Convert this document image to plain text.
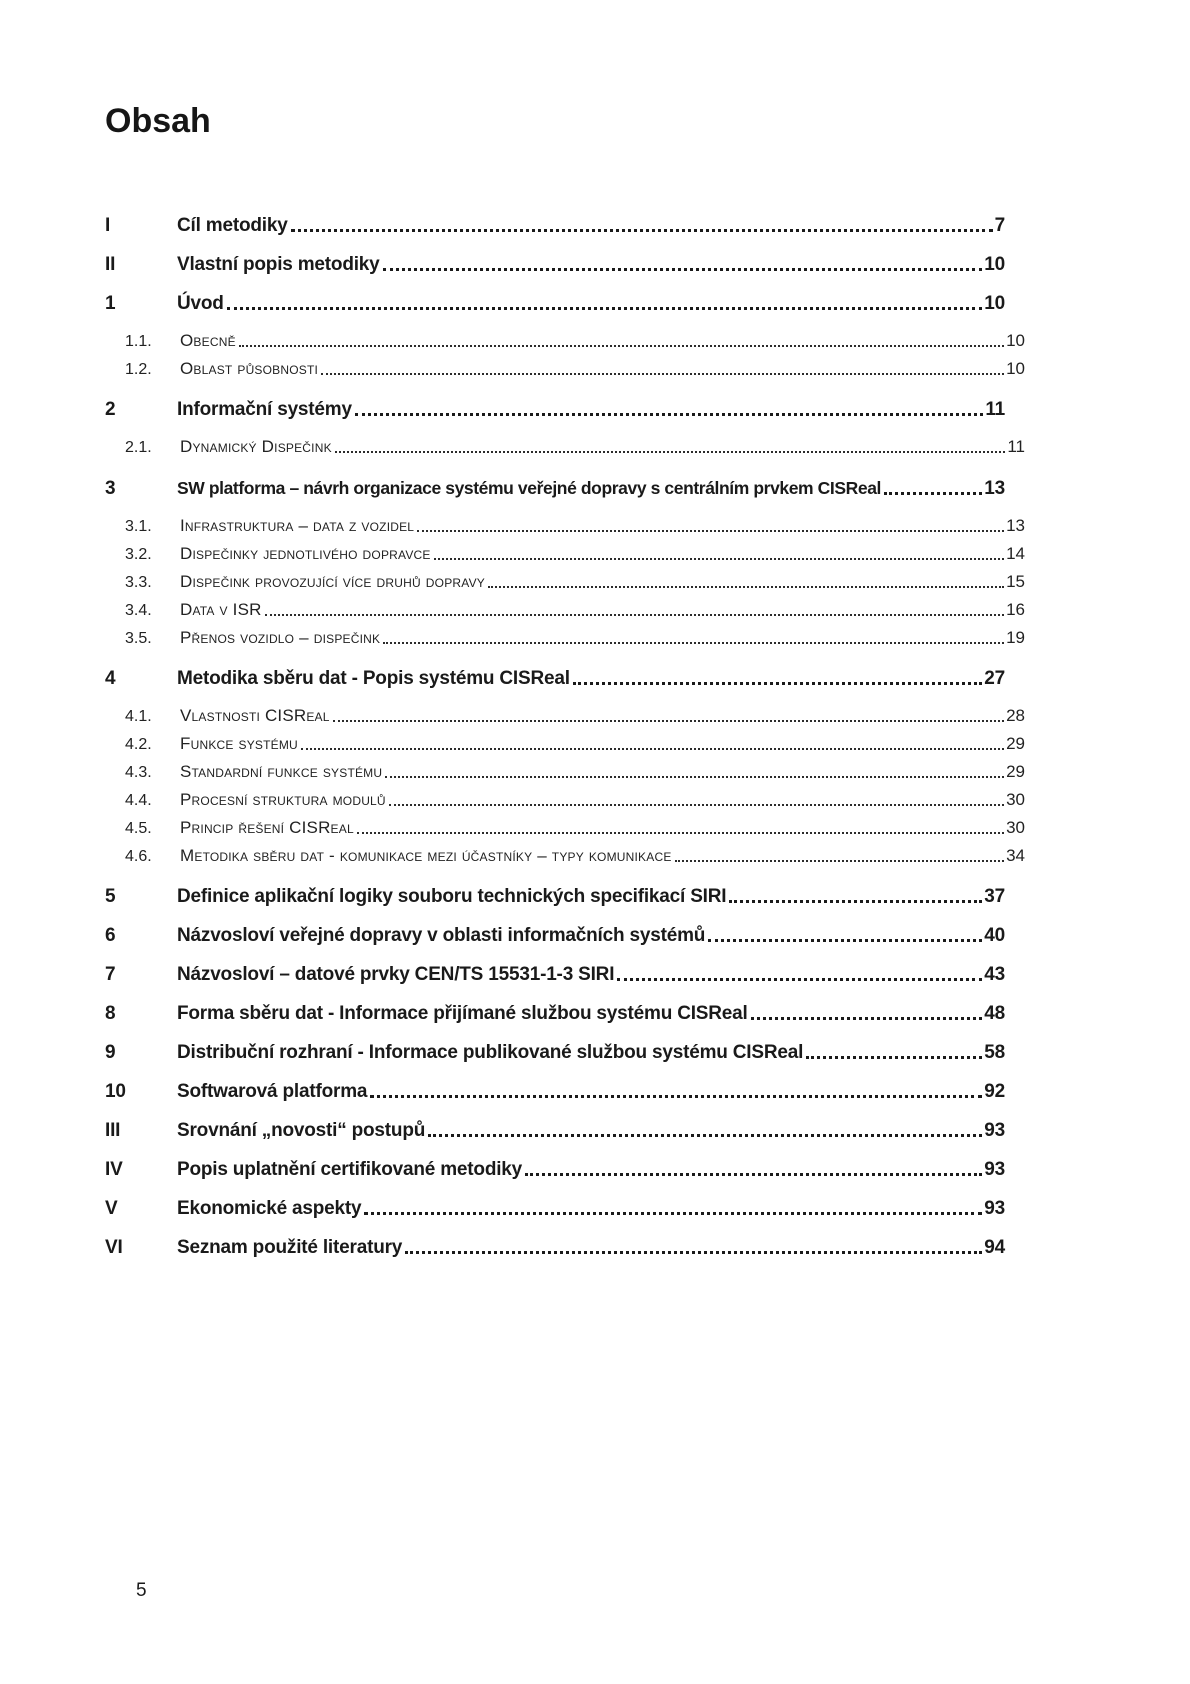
Obsah
I	Cíl metodiky	7
II	Vlastní popis metodiky	10
1	Úvod	10
1.1.	Obecně	10
1.2.	Oblast působnosti	10
2	Informační systémy	11
2.1.	Dynamický Dispečink	11
3	SW platforma – návrh organizace systému veřejné dopravy s centrálním prvkem CISReal	13
3.1.	Infrastruktura – data z vozidel	13
3.2.	Dispečinky jednotlivého dopravce	14
3.3.	Dispečink provozující více druhů dopravy	15
3.4.	Data v ISR	16
3.5.	Přenos vozidlo – dispečink	19
4	Metodika sběru dat - Popis systému CISReal	27
4.1.	Vlastnosti CISReal	28
4.2.	Funkce systému	29
4.3.	Standardní funkce systému	29
4.4.	Procesní struktura modulů	30
4.5.	Princip řešení CISReal	30
4.6.	Metodika sběru dat - komunikace mezi účastníky – typy komunikace	34
5	Definice aplikační logiky souboru technických specifikací SIRI	37
6	Názvosloví veřejné dopravy v oblasti informačních systémů	40
7	Názvosloví – datové prvky CEN/TS 15531-1-3 SIRI	43
8	Forma sběru dat - Informace přijímané službou systému CISReal	48
9	Distribuční rozhraní - Informace publikované službou systému CISReal	58
10	Softwarová platforma	92
III	Srovnání „novosti“ postupů	93
IV	Popis uplatnění certifikované metodiky	93
V	Ekonomické aspekty	93
VI	Seznam použité literatury	94
5
